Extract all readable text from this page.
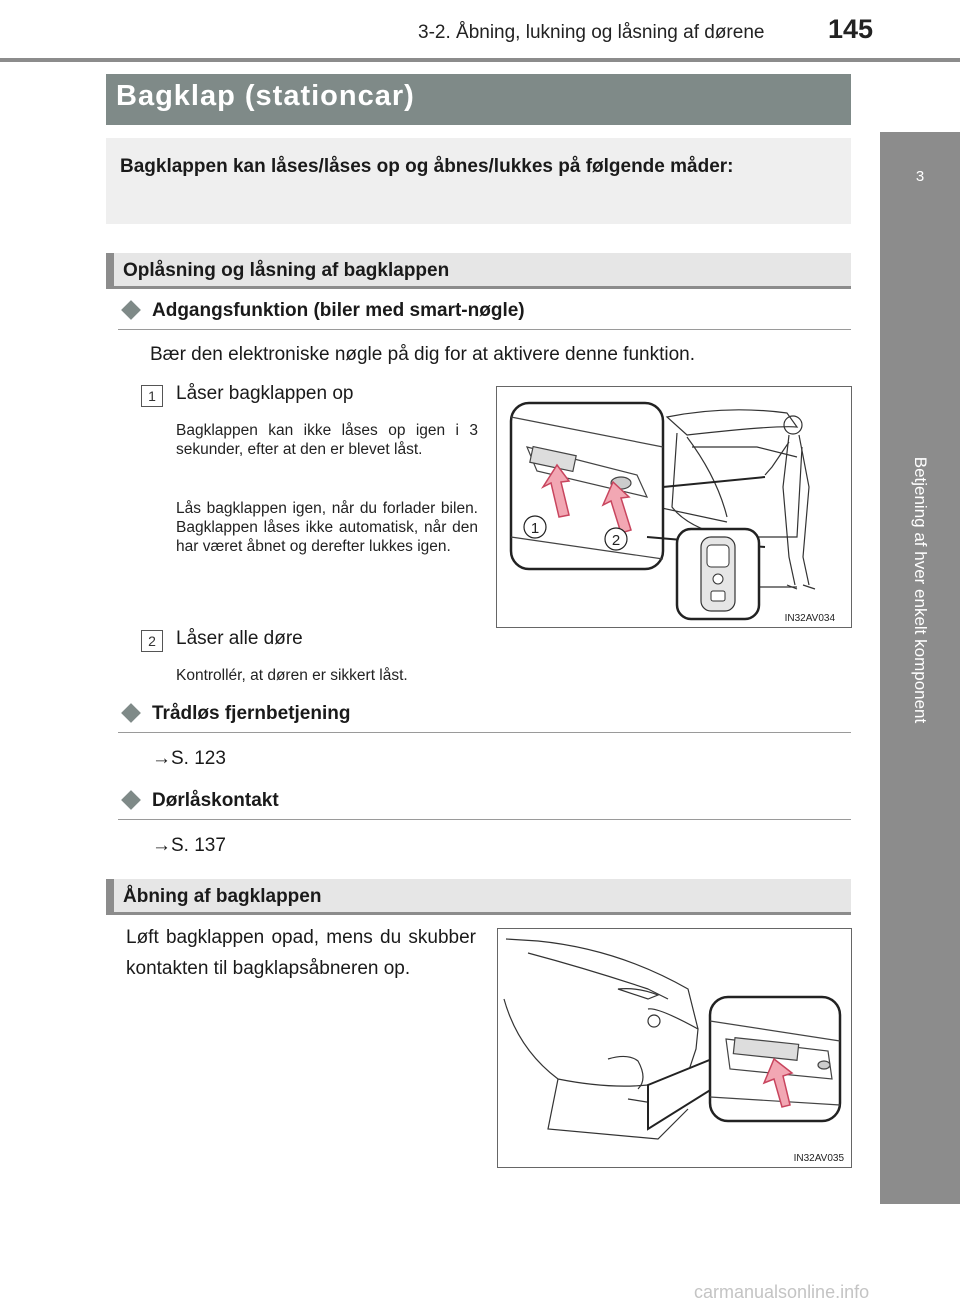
3-2. Åbning, lukning og låsning af dørene 145
3
Betjening af hver enkelt komponent
Bagklap (stationcar)
Bagklappen kan låses/låses op og åbnes/lukkes på følgende måder:
Oplåsning og låsning af bagklappen
Adgangsfunktion (biler med smart-nøgle)
Bær den elektroniske nøgle på dig for at aktivere denne funktion.
1	Låser bagklappen op
Bagklappen kan ikke låses op igen i 3 sekunder, efter at den er blevet låst.
Lås bagklappen igen, når du forlader bilen. Bagklappen låses ikke automatisk, når den har været åbnet og derefter lukkes igen.
2	Låser alle døre
Kontrollér, at døren er sikkert låst.
1
2
IN32AV034
Trådløs fjernbetjening
→S. 123
Dørlåskontakt
→S. 137
Åbning af bagklappen
Løft bagklappen opad, mens du skubber kontakten til bagklapsåbneren op.
IN32AV035
carmanualsonline.info
